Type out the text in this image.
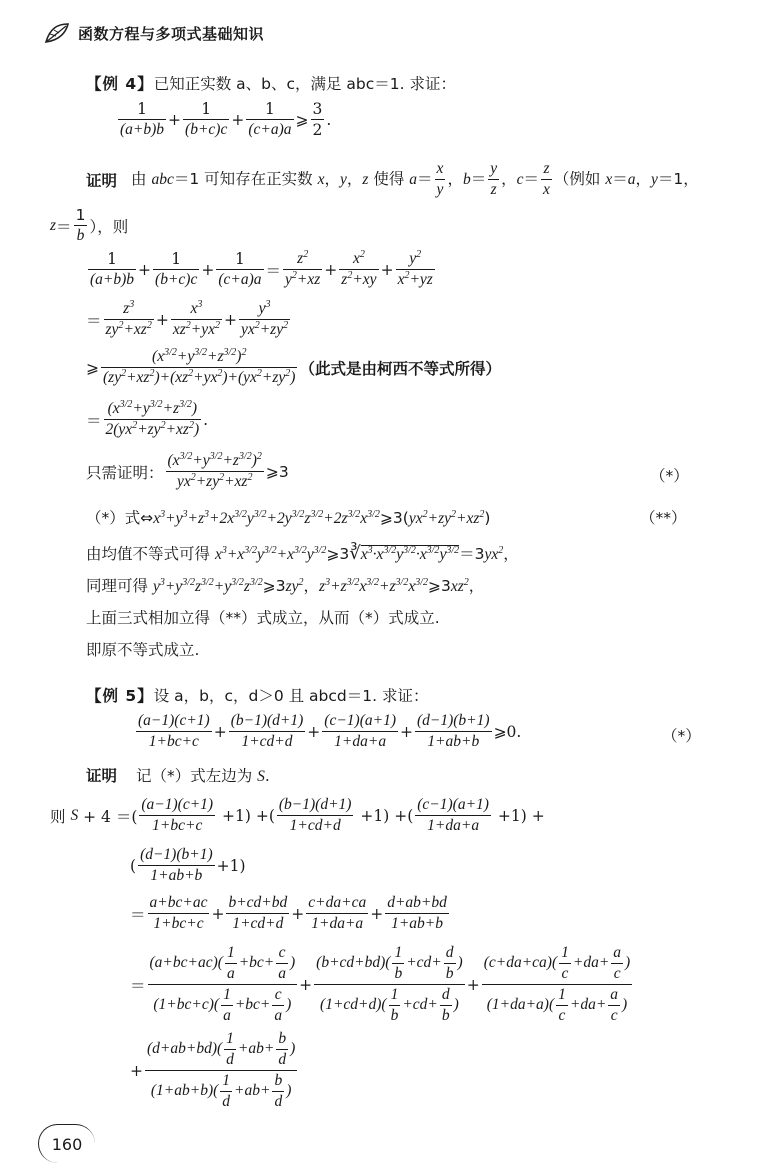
函数方程与多项式基础知识
【例 4】已知正实数 a、b、c，满足 abc＝1. 求证：
$\frac{1}{(a+b)b} + \frac{1}{(b+c)c} + \frac{1}{(c+a)a}$ ⩾ $\frac{3}{2}$ .
证明 由 abc＝1 可知存在正实数 x，y，z 使得 $a= \frac{x}{y}$ ，$b= \frac{y}{z}$ ，$c= \frac{z}{x}$ （例如 x＝a，y＝1，
$z = \frac{1}{b}$ ），则
$\frac{1}{(a+b)b} + \frac{1}{(b+c)c} + \frac{1}{(c+a)a} = \frac{z^2}{y^2+xz} + \frac{x^2}{z^2+xy} + \frac{y^2}{x^2+yz}$
＝ $\frac{z^3}{zy^2+xz^2} + \frac{x^3}{xz^2+yx^2} + \frac{y^3}{yx^2+zy^2}$
⩾ $\frac{(x^{3/2}+y^{3/2}+z^{3/2})^2}{(zy^2+xz^2)+(xz^2+yx^2)+(yx^2+zy^2)}$ （此式是由柯西不等式所得）
＝ $\frac{(x^{3/2}+y^{3/2}+z^{3/2})}{2(yx^2+zy^2+xz^2)}$ .
只需证明： $\frac{(x^{3/2}+y^{3/2}+z^{3/2})^2}{yx^2+zy^2+xz^2}$ ⩾3	（*）
（*）式$\Leftrightarrow x^3+y^3+z^3+2x^{3/2}y^{3/2}+2y^{3/2}z^{3/2}+2z^{3/2}x^{3/2}⩾3(yx^2+zy^2+xz^2)$	（**）
由均值不等式可得 $x^3+x^{3/2}y^{3/2}+x^{3/2}y^{3/2}⩾3∛x^3\cdot x^{3/2}y^{3/2}\cdot x^{3/2}y^{3/2}=3yx^2$，
同理可得 $y^3+y^{3/2}z^{3/2}+y^{3/2}z^{3/2}⩾3zy^2$，$z^3+z^{3/2}x^{3/2}+z^{3/2}x^{3/2}⩾3xz^2$，
上面三式相加立得（**）式成立，从而（*）式成立.
即原不等式成立.
【例 5】设 a，b，c，d＞0 且 abcd＝1. 求证：
$\frac{(a-1)(c+1)}{1+bc+c} + \frac{(b-1)(d+1)}{1+cd+d} + \frac{(c-1)(a+1)}{1+da+a} + \frac{(d-1)(b+1)}{1+ab+b}$ ⩾0.	（*）
证明 记（*）式左边为 S.
则
S + 4 ＝( $\frac{(a-1)(c+1)}{1+bc+c} +1$) +( $\frac{(b-1)(d+1)}{1+cd+d} +1$) +( $\frac{(c-1)(a+1)}{1+da+a} +1$) +
( $\frac{(d-1)(b+1)}{1+ab+b} +1$)
＝ $\frac{a+bc+ac}{1+bc+c} + \frac{b+cd+bd}{1+cd+d} + \frac{c+da+ca}{1+da+a} + \frac{d+ab+bd}{1+ab+b}$
＝ $\frac{(a+bc+ac)( \frac{1}{a} +bc+ \frac{c}{a} )}{(1+bc+c)( \frac{1}{a} +bc+ \frac{c}{a} )} + \frac{(b+cd+bd)( \frac{1}{b} +cd+ \frac{d}{b} )}{(1+cd+d)( \frac{1}{b} +cd+ \frac{d}{b} )} + \frac{(c+da+ca)( \frac{1}{c} +da+ \frac{a}{c} )}{(1+da+a)( \frac{1}{c} +da+ \frac{a}{c} )}$
+ $\frac{(d+ab+bd)( \frac{1}{d} +ab+ \frac{b}{d} )}{(1+ab+b)( \frac{1}{d} +ab+ \frac{b}{d} )}$
160
